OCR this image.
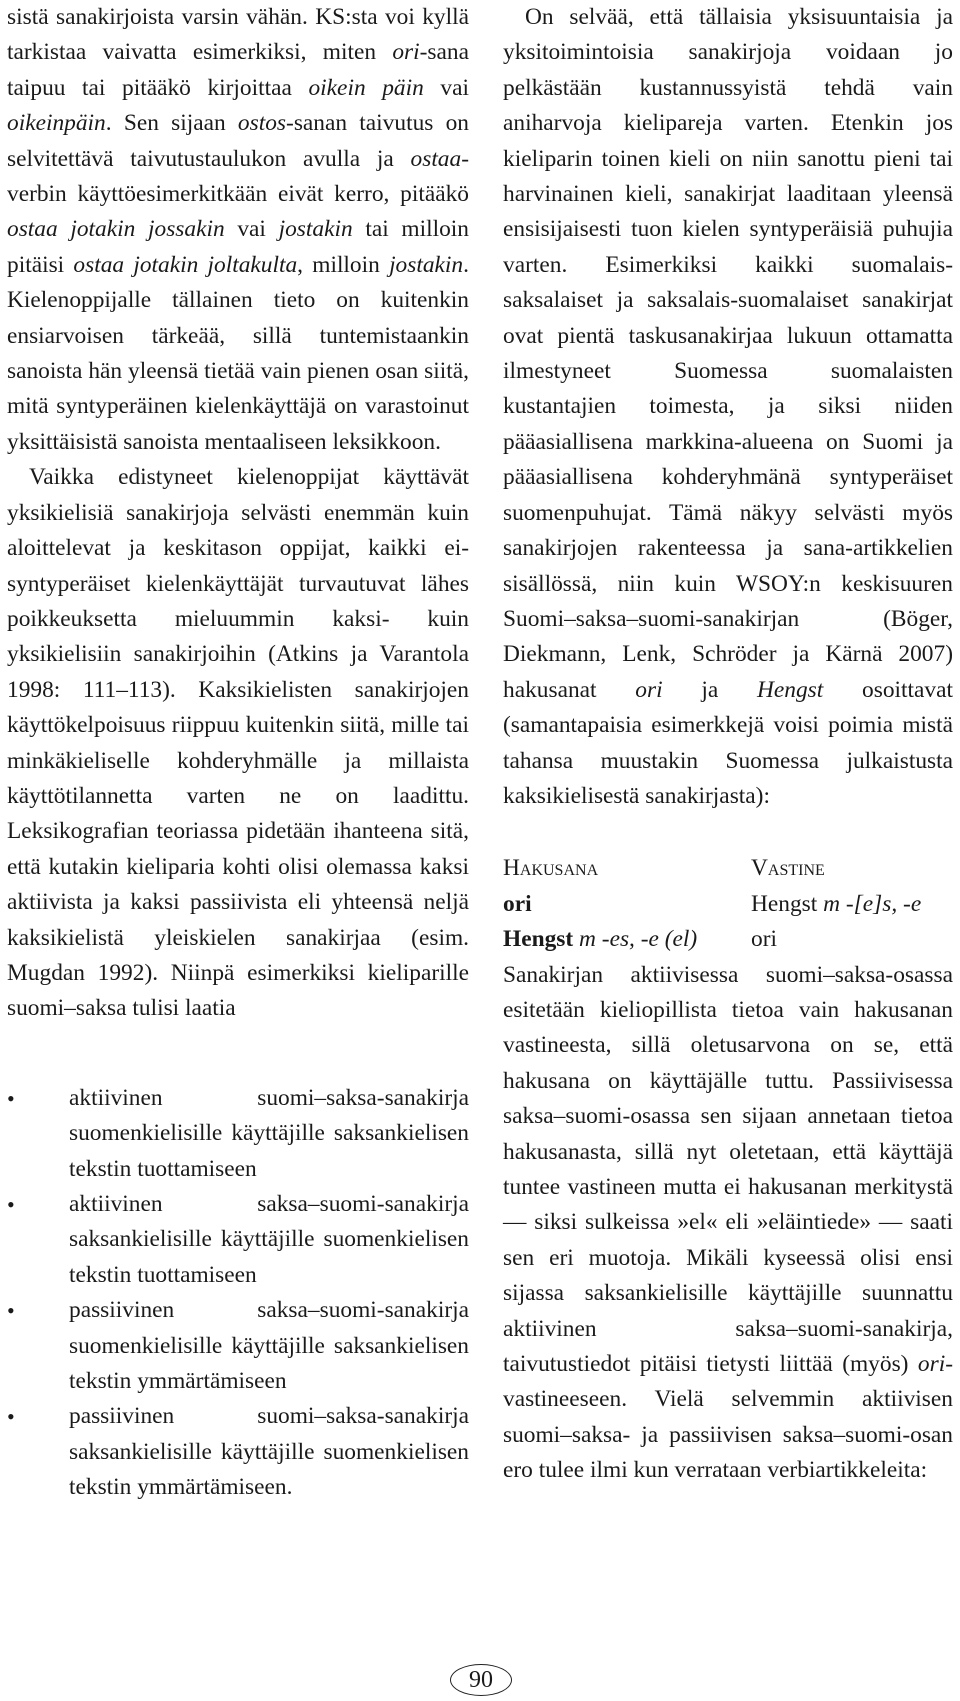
sistä sanakirjoista varsin vähän. KS:sta voi kyllä tarkistaa vaivatta esimerkiksi, miten ori-sana taipuu tai pitääkö kirjoittaa oikein päin vai oikeinpäin. Sen sijaan ostos-sanan taivutus on selvitettävä taivutustaulukon avulla ja ostaa-verbin käyttöesimerkitkään eivät kerro, pitääkö ostaa jotakin jossakin vai jostakin tai milloin pitäisi ostaa jotakin joltakulta, milloin jostakin. Kielenoppijalle tällainen tieto on kuitenkin ensiarvoisen tärkeää, sillä tuntemistaankin sanoista hän yleensä tietää vain pienen osan siitä, mitä syntyperäinen kielenkäyttäjä on varastoinut yksittäisistä sanoista mentaaliseen leksikkoon.

Vaikka edistyneet kielenoppijat käyttävät yksikielisiä sanakirjoja selvästi enemmän kuin aloittelevat ja keskitason oppijat, kaikki ei-syntyperäiset kielenkäyttäjät turvautuvat lähes poikkeuksetta mieluummin kaksi- kuin yksikielisiin sanakirjoihin (Atkins ja Varantola 1998: 111–113). Kaksikielisten sanakirjojen käyttökelpoisuus riippuu kuitenkin siitä, mille tai minkäkieliselle kohderyhmälle ja millaista käyttötilannetta varten ne on laadittu. Leksikografian teoriassa pidetään ihanteena sitä, että kutakin kieliparia kohti olisi olemassa kaksi aktiivista ja kaksi passiivista eli yhteensä neljä kaksikielistä yleiskielen sanakirjaa (esim. Mugdan 1992). Niinpä esimerkiksi kieliparille suomi–saksa tulisi laatia

• aktiivinen suomi–saksa-sanakirja suomenkielisille käyttäjille saksankielisen tekstin tuottamiseen
• aktiivinen saksa–suomi-sanakirja saksankielisille käyttäjille suomenkielisen tekstin tuottamiseen
• passiivinen saksa–suomi-sanakirja suomenkielisille käyttäjille saksankielisen tekstin ymmärtämiseen
• passiivinen suomi–saksa-sanakirja saksankielisille käyttäjille suomenkielisen tekstin ymmärtämiseen.

On selvää, että tällaisia yksisuuntaisia ja yksitoimintoisia sanakirjoja voidaan jo pelkästään kustannussyistä tehdä vain aniharvoja kielipareja varten. Etenkin jos kieliparin toinen kieli on niin sanottu pieni tai harvinainen kieli, sanakirjat laaditaan yleensä ensisijaisesti tuon kielen syntyperäisiä puhujia varten. Esimerkiksi kaikki suomalais-saksalaiset ja saksalais-suomalaiset sanakirjat ovat pientä taskusanakirjaa lukuun ottamatta ilmestyneet Suomessa suomalaisten kustantajien toimesta, ja siksi niiden pääasiallisena markkina-alueena on Suomi ja pääasiallisena kohderyhmänä syntyperäiset suomenpuhujat. Tämä näkyy selvästi myös sanakirjojen rakenteessa ja sana-artikkelien sisällössä, niin kuin WSOY:n keskisuuren Suomi–saksa–suomi-sanakirjan (Böger, Diekmann, Lenk, Schröder ja Kärnä 2007) hakusanat ori ja Hengst osoittavat (samantapaisia esimerkkejä voisi poimia mistä tahansa muustakin Suomessa julkaistusta kaksikielisestä sanakirjasta):

Hakusana	Vastine
ori	Hengst m -[e]s, -e
Hengst m -es, -e (el)	ori

Sanakirjan aktiivisessa suomi–saksa-osassa esitetään kieliopillista tietoa vain hakusanan vastineesta, sillä oletusarvona on se, että hakusana on käyttäjälle tuttu. Passiivisessa saksa–suomi-osassa sen sijaan annetaan tietoa hakusanasta, sillä nyt oletetaan, että käyttäjä tuntee vastineen mutta ei hakusanan merkitystä — siksi sulkeissa »el« eli »eläintiede» — saati sen eri muotoja. Mikäli kyseessä olisi ensi sijassa saksankielisille käyttäjille suunnattu aktiivinen saksa–suomi-sanakirja, taivutustiedot pitäisi tietysti liittää (myös) ori-vastineeseen. Vielä selvemmin aktiivisen suomi–saksa- ja passiivisen saksa–suomi-osan ero tulee ilmi kun verrataan verbiartikkeleita:

90
